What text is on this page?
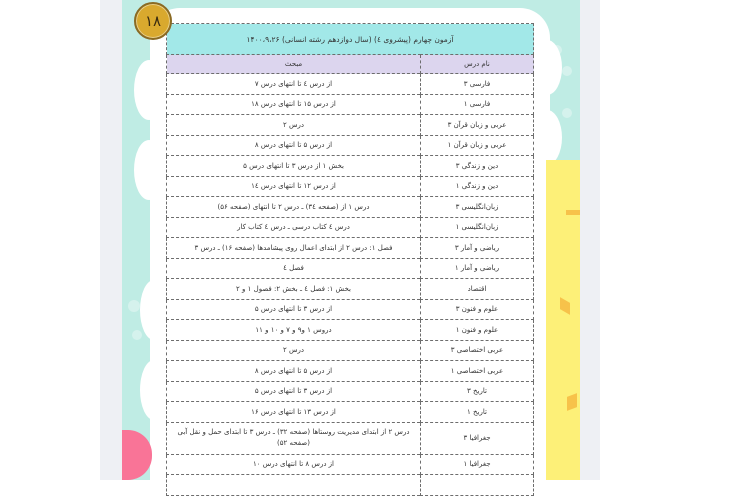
۱۸
آزمون چهارم (پیشروی ٤) (سال دوازدهم رشته انسانی) ۱۴۰۰،۹،۲۶	
نام درس	مبحث
فارسی ۳	از درس ٤ تا انتهای درس ۷
فارسی ۱	از درس ۱۵ تا انتهای درس ۱۸
عربی و زبان قرآن ۳	درس ۲
عربی و زبان قرآن ۱	از درس ۵ تا انتهای درس ۸
دین و زندگی ۳	بخش ۱ از درس ۳ تا انتهای درس ۵
دین و زندگی ۱	از درس ۱۲ تا انتهای درس ۱٤
زبان‌انگلیسی ۳	درس ۱ از (صفحه ۳٤) ـ درس ۲ تا انتهای (صفحه ۵۶)
زبان‌انگلیسی ۱	درس ٤ کتاب درسی ـ درس ٤ کتاب کار
ریاضی و آمار ۳	فصل ۱: درس ۲ از ابتدای اعمال روی پیشامدها (صفحه ۱۶) ـ درس ۳
ریاضی و آمار ۱	فصل ٤
اقتصاد	بخش ۱: فصل ٤ ـ بخش ۲: فصول ۱ و ۲
علوم و فنون ۳	از درس ۳ تا انتهای درس ۵
علوم و فنون ۱	دروس ۱ و٩ و ۷ و ۱۰ و ۱۱
عربی اختصاصی ۳	درس ۲
عربی اختصاصی ۱	از درس ۵ تا انتهای درس ۸
تاریخ ۳	از درس ۳ تا انتهای درس ۵
تاریخ ۱	از درس ۱۳ تا انتهای درس ۱۶
جغرافیا ۳	درس ۲ از ابتدای مدیریت روستاها (صفحه ۳۲) ـ درس ۳ تا ابتدای حمل و نقل آبی (صفحه ۵۲)
جغرافیا ۱	از درس ۸ تا انتهای درس ۱۰
